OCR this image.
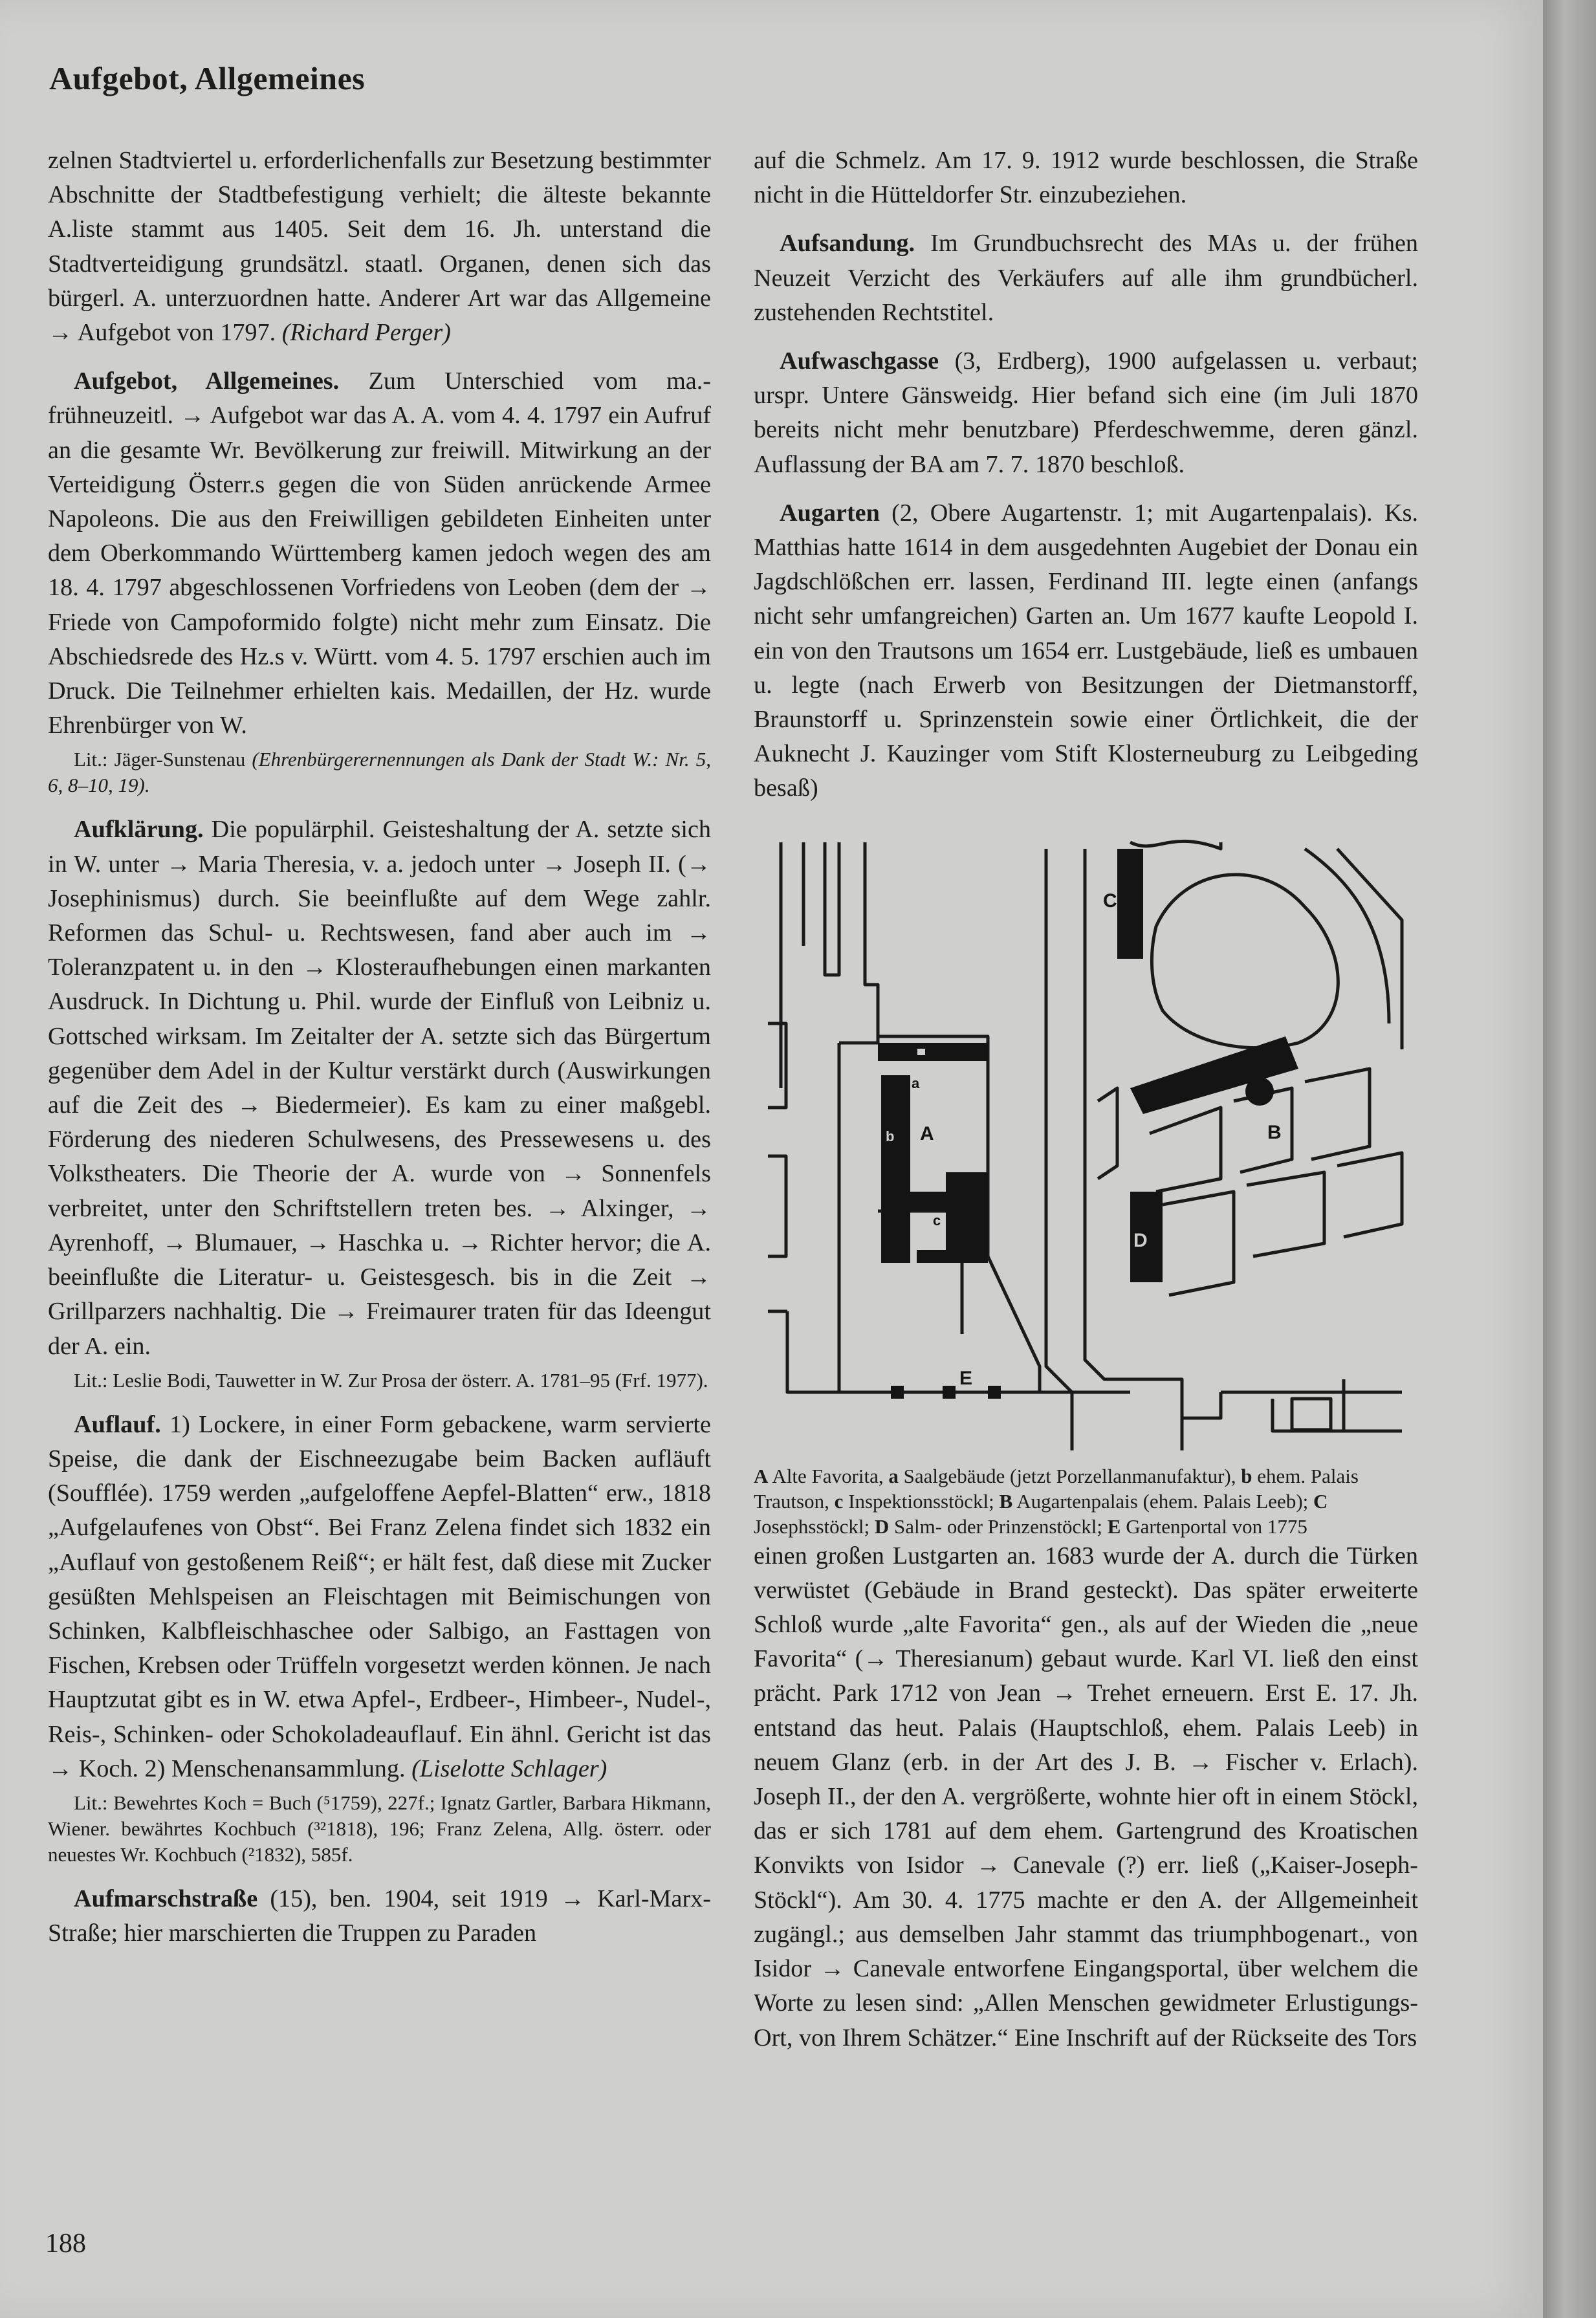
Aufgebot, Allgemeines

zelnen Stadtviertel u. erforderlichenfalls zur Besetzung bestimmter Abschnitte der Stadtbefestigung verhielt; die älteste bekannte A.liste stammt aus 1405. Seit dem 16. Jh. unterstand die Stadtverteidigung grundsätzl. staatl. Organen, denen sich das bürgerl. A. unterzuordnen hatte. Anderer Art war das Allgemeine → Aufgebot von 1797. (Richard Perger)

Aufgebot, Allgemeines. Zum Unterschied vom ma.-frühneuzeitl. → Aufgebot war das A. A. vom 4. 4. 1797 ein Aufruf an die gesamte Wr. Bevölkerung zur freiwill. Mitwirkung an der Verteidigung Österr.s gegen die von Süden anrückende Armee Napoleons. Die aus den Freiwilligen gebildeten Einheiten unter dem Oberkommando Württemberg kamen jedoch wegen des am 18. 4. 1797 abgeschlossenen Vorfriedens von Leoben (dem der → Friede von Campoformido folgte) nicht mehr zum Einsatz. Die Abschiedsrede des Hz.s v. Württ. vom 4. 5. 1797 erschien auch im Druck. Die Teilnehmer erhielten kais. Medaillen, der Hz. wurde Ehrenbürger von W.

Lit.: Jäger-Sunstenau (Ehrenbürgerernennungen als Dank der Stadt W.: Nr. 5, 6, 8–10, 19).

Aufklärung. Die populärphil. Geisteshaltung der A. setzte sich in W. unter → Maria Theresia, v. a. jedoch unter → Joseph II. (→ Josephinismus) durch. Sie beeinflußte auf dem Wege zahlr. Reformen das Schul- u. Rechtswesen, fand aber auch im → Toleranzpatent u. in den → Klosteraufhebungen einen markanten Ausdruck. In Dichtung u. Phil. wurde der Einfluß von Leibniz u. Gottsched wirksam. Im Zeitalter der A. setzte sich das Bürgertum gegenüber dem Adel in der Kultur verstärkt durch (Auswirkungen auf die Zeit des → Biedermeier). Es kam zu einer maßgebl. Förderung des niederen Schulwesens, des Pressewesens u. des Volkstheaters. Die Theorie der A. wurde von → Sonnenfels verbreitet, unter den Schriftstellern treten bes. → Alxinger, → Ayrenhoff, → Blumauer, → Haschka u. → Richter hervor; die A. beeinflußte die Literatur- u. Geistesgesch. bis in die Zeit → Grillparzers nachhaltig. Die → Freimaurer traten für das Ideengut der A. ein.

Lit.: Leslie Bodi, Tauwetter in W. Zur Prosa der österr. A. 1781–95 (Frf. 1977).

Auflauf. 1) Lockere, in einer Form gebackene, warm servierte Speise, die dank der Eischneezugabe beim Backen aufläuft (Soufflée). 1759 werden „aufgeloffene Aepfel-Blatten“ erw., 1818 „Aufgelaufenes von Obst“. Bei Franz Zelena findet sich 1832 ein „Auflauf von gestoßenem Reiß“; er hält fest, daß diese mit Zucker gesüßten Mehlspeisen an Fleischtagen mit Beimischungen von Schinken, Kalbfleischhaschee oder Salbigo, an Fasttagen von Fischen, Krebsen oder Trüffeln vorgesetzt werden können. Je nach Hauptzutat gibt es in W. etwa Apfel-, Erdbeer-, Himbeer-, Nudel-, Reis-, Schinken- oder Schokoladeauflauf. Ein ähnl. Gericht ist das → Koch. 2) Menschenansammlung. (Liselotte Schlager)

Lit.: Bewehrtes Koch = Buch (⁵1759), 227f.; Ignatz Gartler, Barbara Hikmann, Wiener. bewährtes Kochbuch (³²1818), 196; Franz Zelena, Allg. österr. oder neuestes Wr. Kochbuch (²1832), 585f.

Aufmarschstraße (15), ben. 1904, seit 1919 → Karl-Marx-Straße; hier marschierten die Truppen zu Paraden

auf die Schmelz. Am 17. 9. 1912 wurde beschlossen, die Straße nicht in die Hütteldorfer Str. einzubeziehen.

Aufsandung. Im Grundbuchsrecht des MAs u. der frühen Neuzeit Verzicht des Verkäufers auf alle ihm grundbücherl. zustehenden Rechtstitel.

Aufwaschgasse (3, Erdberg), 1900 aufgelassen u. verbaut; urspr. Untere Gänsweidg. Hier befand sich eine (im Juli 1870 bereits nicht mehr benutzbare) Pferdeschwemme, deren gänzl. Auflassung der BA am 7. 7. 1870 beschloß.

Augarten (2, Obere Augartenstr. 1; mit Augartenpalais). Ks. Matthias hatte 1614 in dem ausgedehnten Augebiet der Donau ein Jagdschlößchen err. lassen, Ferdinand III. legte einen (anfangs nicht sehr umfangreichen) Garten an. Um 1677 kaufte Leopold I. ein von den Trautsons um 1654 err. Lustgebäude, ließ es umbauen u. legte (nach Erwerb von Besitzungen der Dietmanstorff, Braunstorff u. Sprinzenstein sowie einer Örtlichkeit, die der Auknecht J. Kauzinger vom Stift Klosterneuburg zu Leibgeding besaß)

A
b
a
c
B
C
D
E

A Alte Favorita, a Saalgebäude (jetzt Porzellanmanufaktur), b ehem. Palais Trautson, c Inspektionsstöckl; B Augartenpalais (ehem. Palais Leeb); C Josephsstöckl; D Salm- oder Prinzenstöckl; E Gartenportal von 1775

einen großen Lustgarten an. 1683 wurde der A. durch die Türken verwüstet (Gebäude in Brand gesteckt). Das später erweiterte Schloß wurde „alte Favorita“ gen., als auf der Wieden die „neue Favorita“ (→ Theresianum) gebaut wurde. Karl VI. ließ den einst prächt. Park 1712 von Jean → Trehet erneuern. Erst E. 17. Jh. entstand das heut. Palais (Hauptschloß, ehem. Palais Leeb) in neuem Glanz (erb. in der Art des J. B. → Fischer v. Erlach). Joseph II., der den A. vergrößerte, wohnte hier oft in einem Stöckl, das er sich 1781 auf dem ehem. Gartengrund des Kroatischen Konvikts von Isidor → Canevale (?) err. ließ („Kaiser-Joseph-Stöckl“). Am 30. 4. 1775 machte er den A. der Allgemeinheit zugängl.; aus demselben Jahr stammt das triumphbogenart., von Isidor → Canevale entworfene Eingangsportal, über welchem die Worte zu lesen sind: „Allen Menschen gewidmeter Erlustigungs-Ort, von Ihrem Schätzer.“ Eine Inschrift auf der Rückseite des Tors

188
